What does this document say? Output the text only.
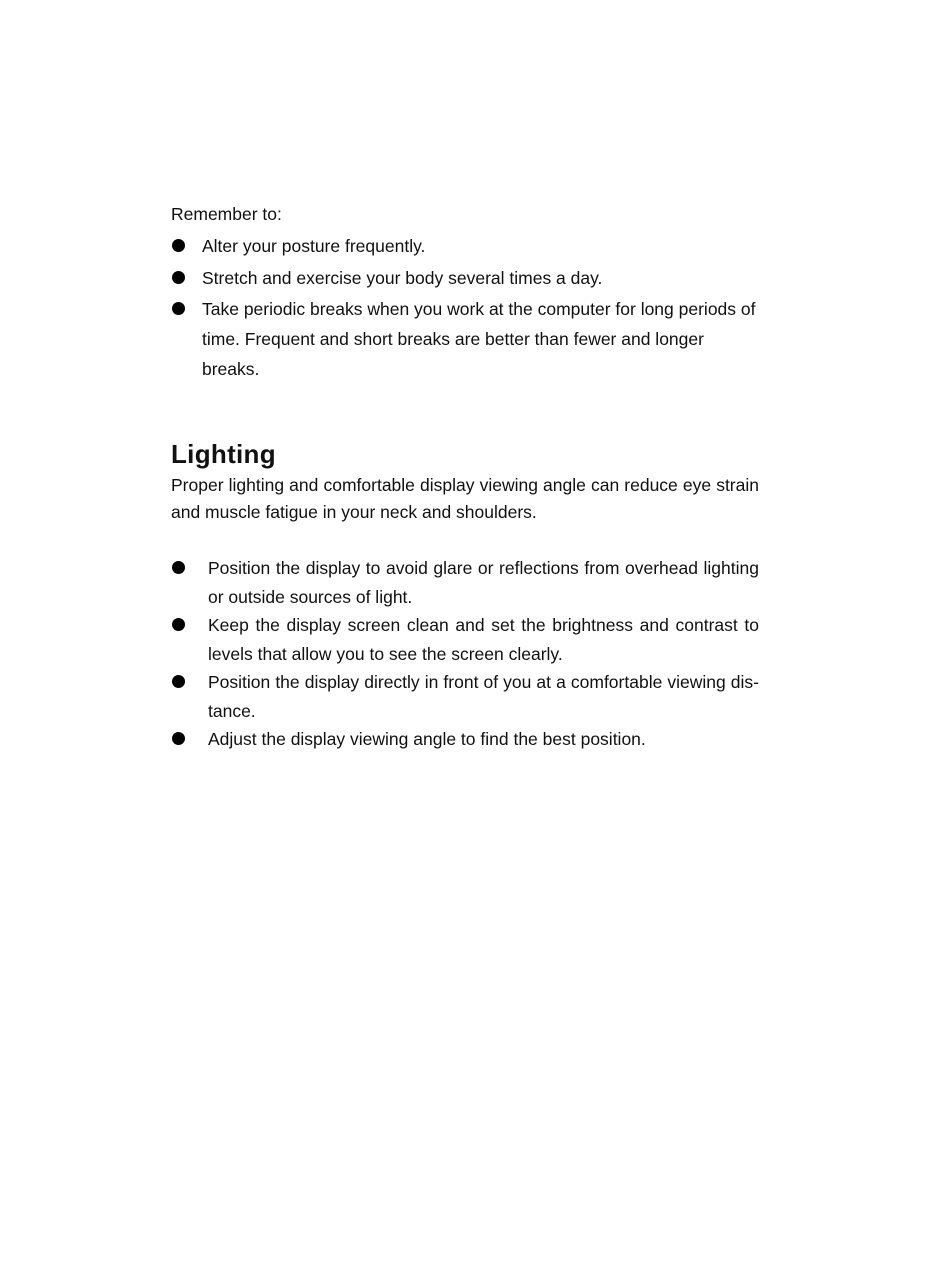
Remember to:

Alter your posture frequently.
Stretch and exercise your body several times a day.
Take periodic breaks when you work at the computer for long periods of time. Frequent and short breaks are better than fewer and longer breaks.
Lighting

Proper lighting and comfortable display viewing angle can reduce eye strain and muscle fatigue in your neck and shoulders.

Position the display to avoid glare or reflections from overhead lighting or outside sources of light.
Keep the display screen clean and set the brightness and contrast to levels that allow you to see the screen clearly.
Position the display directly in front of you at a comfortable viewing dis-tance.
Adjust the display viewing angle to find the best position.
